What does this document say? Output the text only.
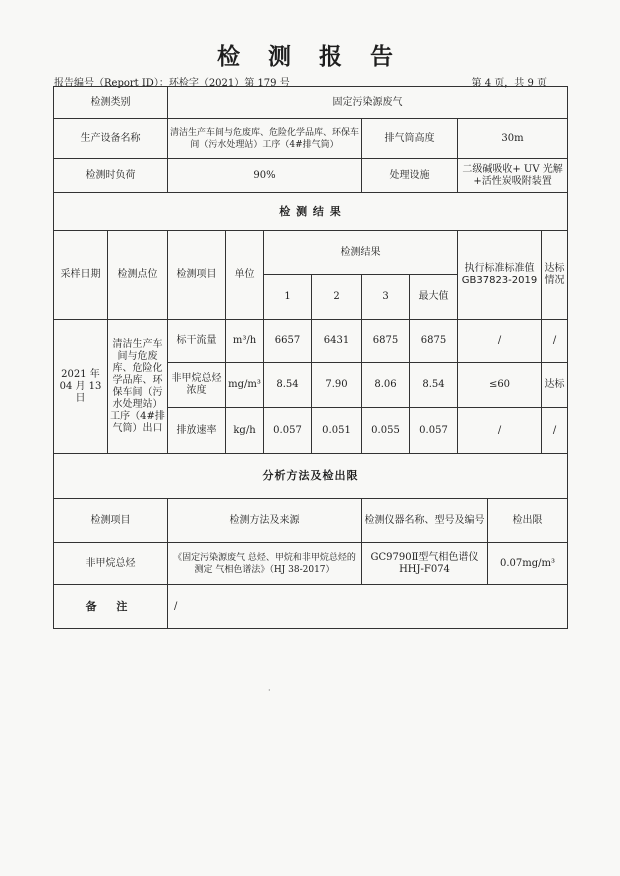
检 测 报 告
报告编号（Report ID）：环检字（2021）第 179 号	第 4 页，共 9 页
检测类别		固定污染源废气								
生产设备名称		清洁生产车间与危废库、危险化学品库、环保车间（污水处理站）工序（4#排气筒）				排气筒高度		30m		
检测时负荷		90%				处理设施		二级碱吸收+ UV 光解+活性炭吸附装置		
检 测 结 果										
采样日期	检测点位	检测项目	单位	检测结果				执行标准标准值GB37823-2019		达标情况
				1	2	3	最大值			
2021 年 04 月 13 日	清洁生产车间与危废库、危险化学品库、环保车间（污水处理站）工序（4#排气筒）出口	标干流量	m³/h	6657	6431	6875	6875	/		/
		非甲烷总烃浓度	mg/m³	8.54	7.90	8.06	8.54	≤60		达标
		排放速率	kg/h	0.057	0.051	0.055	0.057	/		/
分析方法及检出限										
检测项目		检测方法及来源				检测仪器名称、型号及编号			检出限	
非甲烷总烃		《固定污染源废气 总烃、甲烷和非甲烷总烃的测定 气相色谱法》（HJ 38-2017）				GC9790Ⅱ型气相色谱仪 HHJ-F074			0.07mg/m³	
备 注		/								
·
